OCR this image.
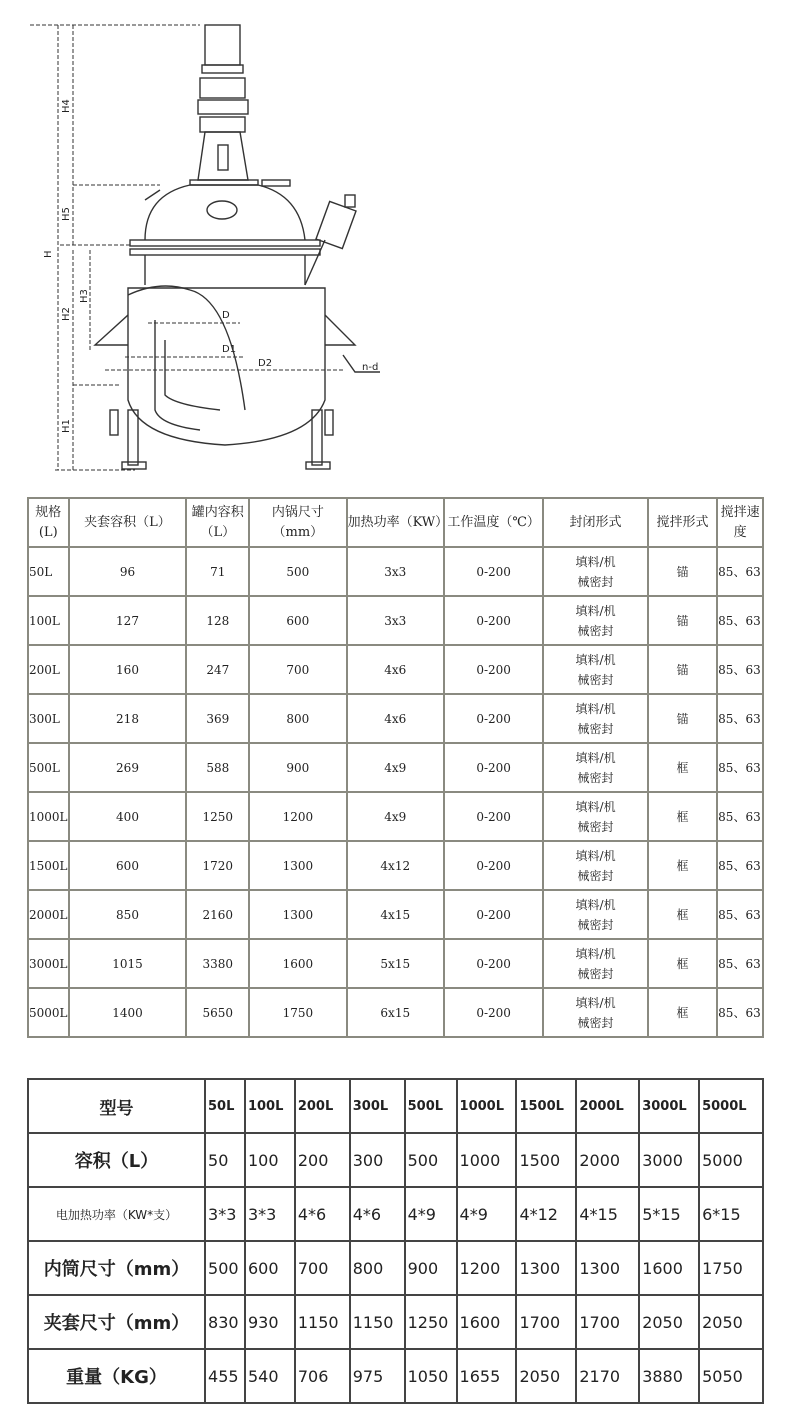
H
H4
H5
H2
H3
H1
D
D1
D2	n-d
规格(L)	夹套容积（L）	罐内容积（L）	内锅尺寸（mm）	加热功率（KW）	工作温度（℃）	封闭形式	搅拌形式	搅拌速度
50L	96	71	500	3x3	0-200	填料/机械密封	锚	85、63
100L	127	128	600	3x3	0-200	填料/机械密封	锚	85、63
200L	160	247	700	4x6	0-200	填料/机械密封	锚	85、63
300L	218	369	800	4x6	0-200	填料/机械密封	锚	85、63
500L	269	588	900	4x9	0-200	填料/机械密封	框	85、63
1000L	400	1250	1200	4x9	0-200	填料/机械密封	框	85、63
1500L	600	1720	1300	4x12	0-200	填料/机械密封	框	85、63
2000L	850	2160	1300	4x15	0-200	填料/机械密封	框	85、63
3000L	1015	3380	1600	5x15	0-200	填料/机械密封	框	85、63
5000L	1400	5650	1750	6x15	0-200	填料/机械密封	框	85、63
型号	50L	100L	200L	300L	500L	1000L	1500L	2000L	3000L	5000L
容积（L）	50	100	200	300	500	1000	1500	2000	3000	5000
电加热功率（KW*支）	3*3	3*3	4*6	4*6	4*9	4*9	4*12	4*15	5*15	6*15
内筒尺寸（mm）	500	600	700	800	900	1200	1300	1300	1600	1750
夹套尺寸（mm）	830	930	1150	1150	1250	1600	1700	1700	2050	2050
重量（KG）	455	540	706	975	1050	1655	2050	2170	3880	5050
